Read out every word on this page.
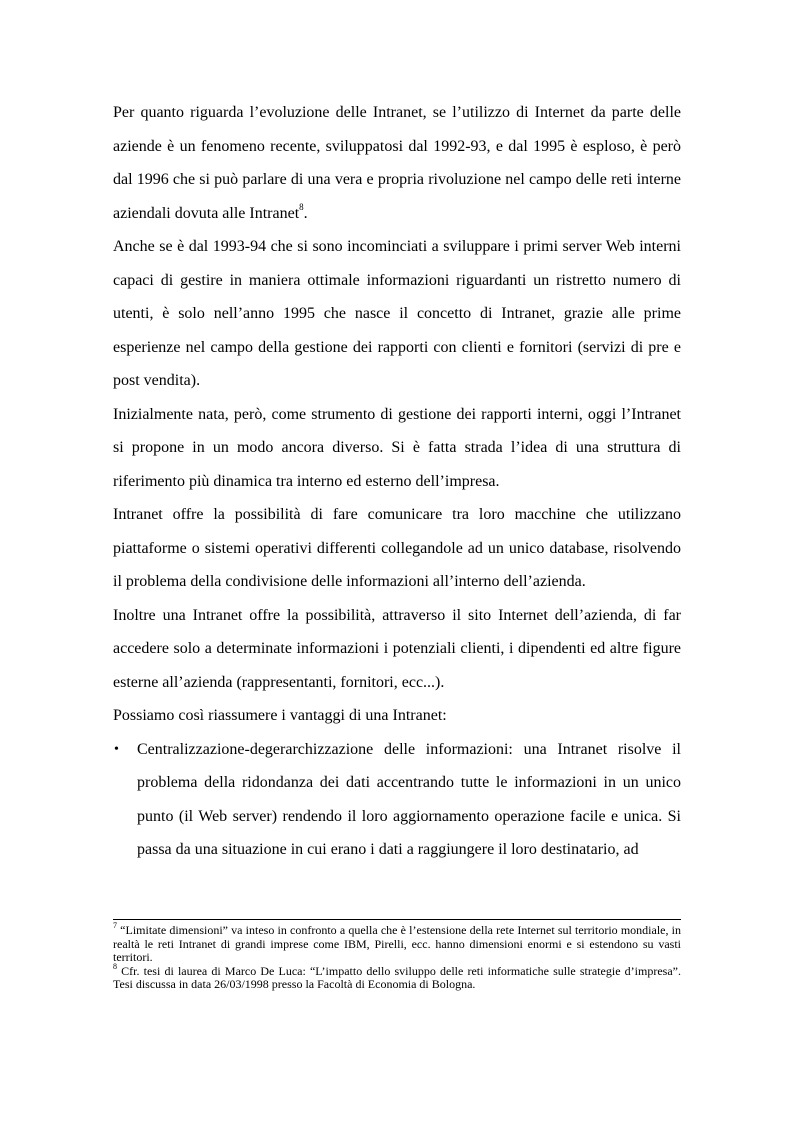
Per quanto riguarda l’evoluzione delle Intranet, se l’utilizzo di Internet da parte delle aziende è un fenomeno recente, sviluppatosi dal 1992-93, e dal 1995 è esploso, è però dal 1996 che si può parlare di una vera e propria rivoluzione nel campo delle reti interne aziendali dovuta alle Intranet$^8$.

Anche se è dal 1993-94 che si sono incominciati a sviluppare i primi server Web interni capaci di gestire in maniera ottimale informazioni riguardanti un ristretto numero di utenti, è solo nell’anno 1995 che nasce il concetto di Intranet, grazie alle prime esperienze nel campo della gestione dei rapporti con clienti e fornitori (servizi di pre e post vendita).

Inizialmente nata, però, come strumento di gestione dei rapporti interni, oggi l’Intranet si propone in un modo ancora diverso. Si è fatta strada l’idea di una struttura di riferimento più dinamica tra interno ed esterno dell’impresa.

Intranet offre la possibilità di fare comunicare tra loro macchine che utilizzano piattaforme o sistemi operativi differenti collegandole ad un unico database, risolvendo il problema della condivisione delle informazioni all’interno dell’azienda.

Inoltre una Intranet offre la possibilità, attraverso il sito Internet dell’azienda, di far accedere solo a determinate informazioni i potenziali clienti, i dipendenti ed altre figure esterne all’azienda (rappresentanti, fornitori, ecc...).

Possiamo così riassumere i vantaggi di una Intranet:

• Centralizzazione-degerarchizzazione delle informazioni: una Intranet risolve il problema della ridondanza dei dati accentrando tutte le informazioni in un unico punto (il Web server) rendendo il loro aggiornamento operazione facile e unica. Si passa da una situazione in cui erano i dati a raggiungere il loro destinatario, ad

$^7$ “Limitate dimensioni” va inteso in confronto a quella che è l’estensione della rete Internet sul territorio mondiale, in realtà le reti Intranet di grandi imprese come IBM, Pirelli, ecc. hanno dimensioni enormi e si estendono su vasti territori.

$^8$ Cfr. tesi di laurea di Marco De Luca: “L’impatto dello sviluppo delle reti informatiche sulle strategie d’impresa”. Tesi discussa in data 26/03/1998 presso la Facoltà di Economia di Bologna.
